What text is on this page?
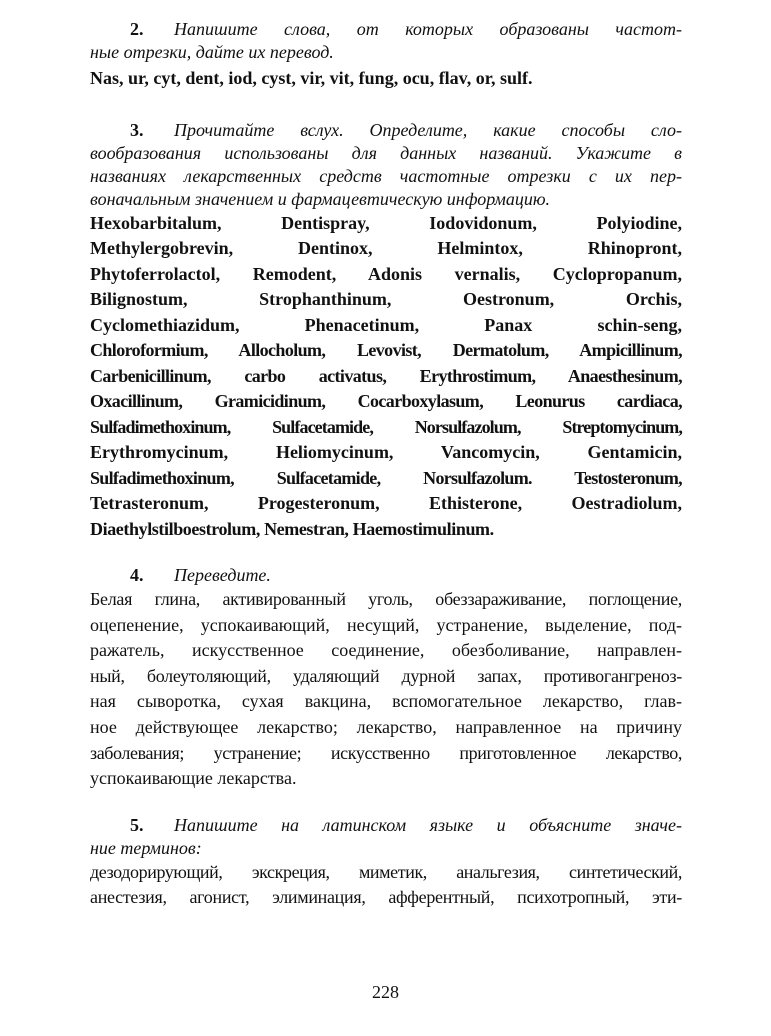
2. Напишите слова, от которых образованы частот-
ные отрезки, дайте их перевод.
Nas, ur, cyt, dent, iod, cyst, vir, vit, fung, ocu, flav, or, sulf.
3. Прочитайте вслух. Определите, какие способы сло-
вообразования использованы для данных названий. Укажите в
названиях лекарственных средств частотные отрезки с их пер-
воначальным значением и фармацевтическую информацию.
Hexobarbitalum, Dentispray, Iodovidonum, Polyiodine,
Methylergobrevin, Dentinox, Helmintox, Rhinopront,
Phytoferrolactol, Remodent, Adonis vernalis, Cyclopropanum,
Bilignostum, Strophanthinum, Oestronum, Orchis,
Cyclomethiazidum, Phenacetinum, Panax schin-seng,
Chloroformium, Allocholum, Levovist, Dermatolum, Ampicillinum,
Carbenicillinum, carbo activatus, Erythrostimum, Anaesthesinum,
Oxacillinum, Gramicidinum, Cocarboxylasum, Leonurus cardiaca,
Sulfadimethoxinum, Sulfacetamide, Norsulfazolum, Streptomycinum,
Erythromycinum, Heliomycinum, Vancomycin, Gentamicin,
Sulfadimethoxinum, Sulfacetamide, Norsulfazolum. Testosteronum,
Tetrasteronum, Progesteronum, Ethisterone, Oestradiolum,
Diaethylstilboestrolum, Nemestran, Haemostimulinum.
4. Переведите.
Белая глина, активированный уголь, обеззараживание, поглощение,
оцепенение, успокаивающий, несущий, устранение, выделение, под-
ражатель, искусственное соединение, обезболивание, направлен-
ный, болеутоляющий, удаляющий дурной запах, противогангренoз-
ная сыворотка, сухая вакцина, вспомогательное лекарство, глав-
ное действующее лекарство; лекарство, направленное на причину
заболевания; устранение; искусственно приготовленное лекарство,
успокаивающие лекарства.
5. Напишите на латинском языке и объясните значе-
ние терминов:
дезодорирующий, экскреция, миметик, анальгезия, синтетический,
анестезия, агонист, элиминация, афферентный, психотропный, эти-
228
